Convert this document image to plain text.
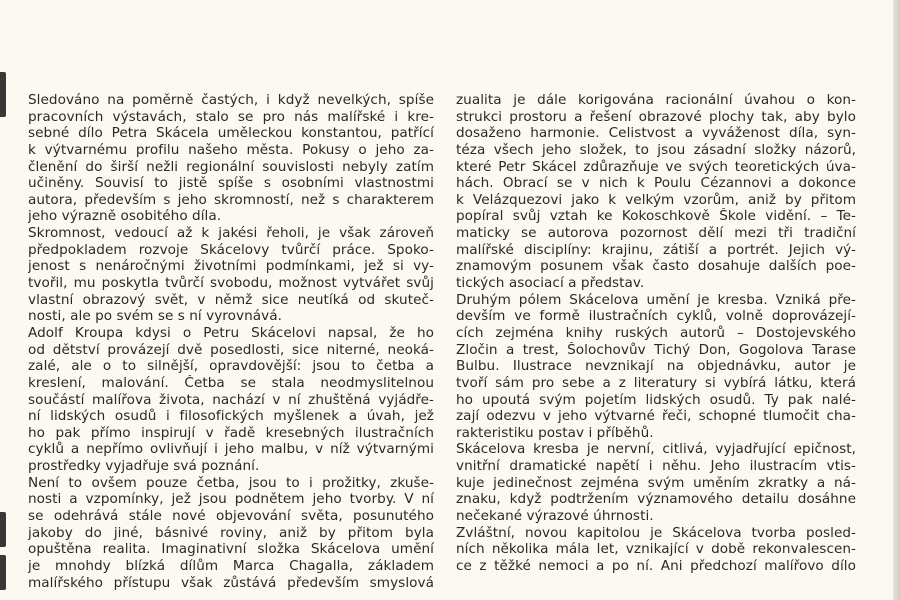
Sledováno na poměrně častých, i když nevelkých, spíše
pracovních výstavách, stalo se pro nás malířské i kre-
sebné dílo Petra Skácela uměleckou konstantou, patřící
k výtvarnému profilu našeho města. Pokusy o jeho za-
členění do širší nežli regionální souvislosti nebyly zatím
učiněny. Souvisí to jistě spíše s osobními vlastnostmi
autora, především s jeho skromností, než s charakterem
jeho výrazně osobitého díla.
Skromnost, vedoucí až k jakési řeholi, je však zároveň
předpokladem rozvoje Skácelovy tvůrčí práce. Spoko-
jenost s nenáročnými životními podmínkami, jež si vy-
tvořil, mu poskytla tvůrčí svobodu, možnost vytvářet svůj
vlastní obrazový svět, v němž sice neutíká od skuteč-
nosti, ale po svém se s ní vyrovnává.
Adolf Kroupa kdysi o Petru Skácelovi napsal, že ho
od dětství provázejí dvě posedlosti, sice niterné, neoká-
zalé, ale o to silnější, opravdovější: jsou to četba a
kreslení, malování. Četba se stala neodmyslitelnou
součástí malířova života, nachází v ní zhuštěná vyjádře-
ní lidských osudů i filosofických myšlenek a úvah, jež
ho pak přímo inspirují v řadě kresebných ilustračních
cyklů a nepřímo ovlivňují i jeho malbu, v níž výtvarnými
prostředky vyjadřuje svá poznání.
Není to ovšem pouze četba, jsou to i prožitky, zkuše-
nosti a vzpomínky, jež jsou podnětem jeho tvorby. V ní
se odehrává stále nové objevování světa, posunutého
jakoby do jiné, básnivé roviny, aniž by přitom byla
opuštěna realita. Imaginativní složka Skácelova umění
je mnohdy blízká dílům Marca Chagalla, základem
malířského přístupu však zůstává především smyslová
zualita je dále korigována racionální úvahou o kon-
strukci prostoru a řešení obrazové plochy tak, aby bylo
dosaženo harmonie. Celistvost a vyváženost díla, syn-
téza všech jeho složek, to jsou zásadní složky názorů,
které Petr Skácel zdůrazňuje ve svých teoretických úva-
hách. Obrací se v nich k Poulu Cézannovi a dokonce
k Velázquezovi jako k velkým vzorům, aniž by přitom
popíral svůj vztah ke Kokoschkově Škole vidění. – Te-
maticky se autorova pozornost dělí mezi tři tradiční
malířské disciplíny: krajinu, zátiší a portrét. Jejich vý-
znamovým posunem však často dosahuje dalších poe-
tických asociací a představ.
Druhým pólem Skácelova umění je kresba. Vzniká pře-
devším ve formě ilustračních cyklů, volně doprovázejí-
cích zejména knihy ruských autorů – Dostojevského
Zločin a trest, Šolochovův Tichý Don, Gogolova Tarase
Bulbu. Ilustrace nevznikají na objednávku, autor je
tvoří sám pro sebe a z literatury si vybírá látku, která
ho upoutá svým pojetím lidských osudů. Ty pak nalé-
zají odezvu v jeho výtvarné řeči, schopné tlumočit cha-
rakteristiku postav i příběhů.
Skácelova kresba je nervní, citlivá, vyjadřující epičnost,
vnitřní dramatické napětí i něhu. Jeho ilustracím vtis-
kuje jedinečnost zejména svým uměním zkratky a ná-
znaku, když podtržením významového detailu dosáhne
nečekané výrazové úhrnosti.
Zvláštní, novou kapitolou je Skácelova tvorba posled-
ních několika mála let, vznikající v době rekonvalescen-
ce z těžké nemoci a po ní. Ani předchozí malířovo dílo
